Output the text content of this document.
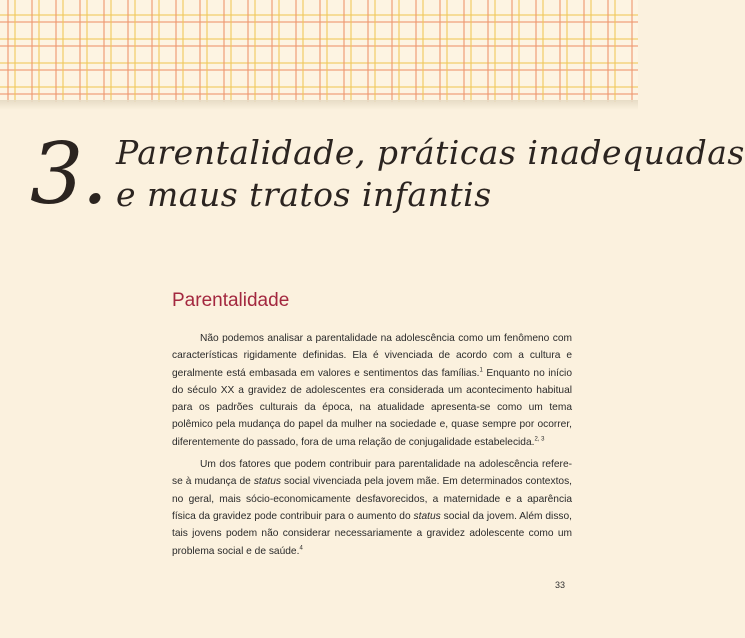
3. Parentalidade, práticas inadequadas
e maus tratos infantis
Parentalidade

Não podemos analisar a parentalidade na adolescência como um fenômeno com características rigidamente definidas. Ela é vivenciada de acordo com a cultura e geralmente está embasada em valores e sentimentos das famílias.$^1$ Enquanto no início do século XX a gravidez de adolescentes era considerada um acontecimento habitual para os padrões culturais da época, na atualidade apresenta-se como um tema polêmico pela mudança do papel da mulher na sociedade e, quase sempre por ocorrer, diferentemente do passado, fora de uma relação de conjugalidade estabelecida.$^{2, 3}$

Um dos fatores que podem contribuir para parentalidade na adolescência refere-se à mudança de status social vivenciada pela jovem mãe. Em determinados contextos, no geral, mais sócio-economicamente desfavorecidos, a maternidade e a aparência física da gravidez pode contribuir para o aumento do status social da jovem. Além disso, tais jovens podem não considerar necessariamente a gravidez adolescente como um problema social e de saúde.$^4$

33
